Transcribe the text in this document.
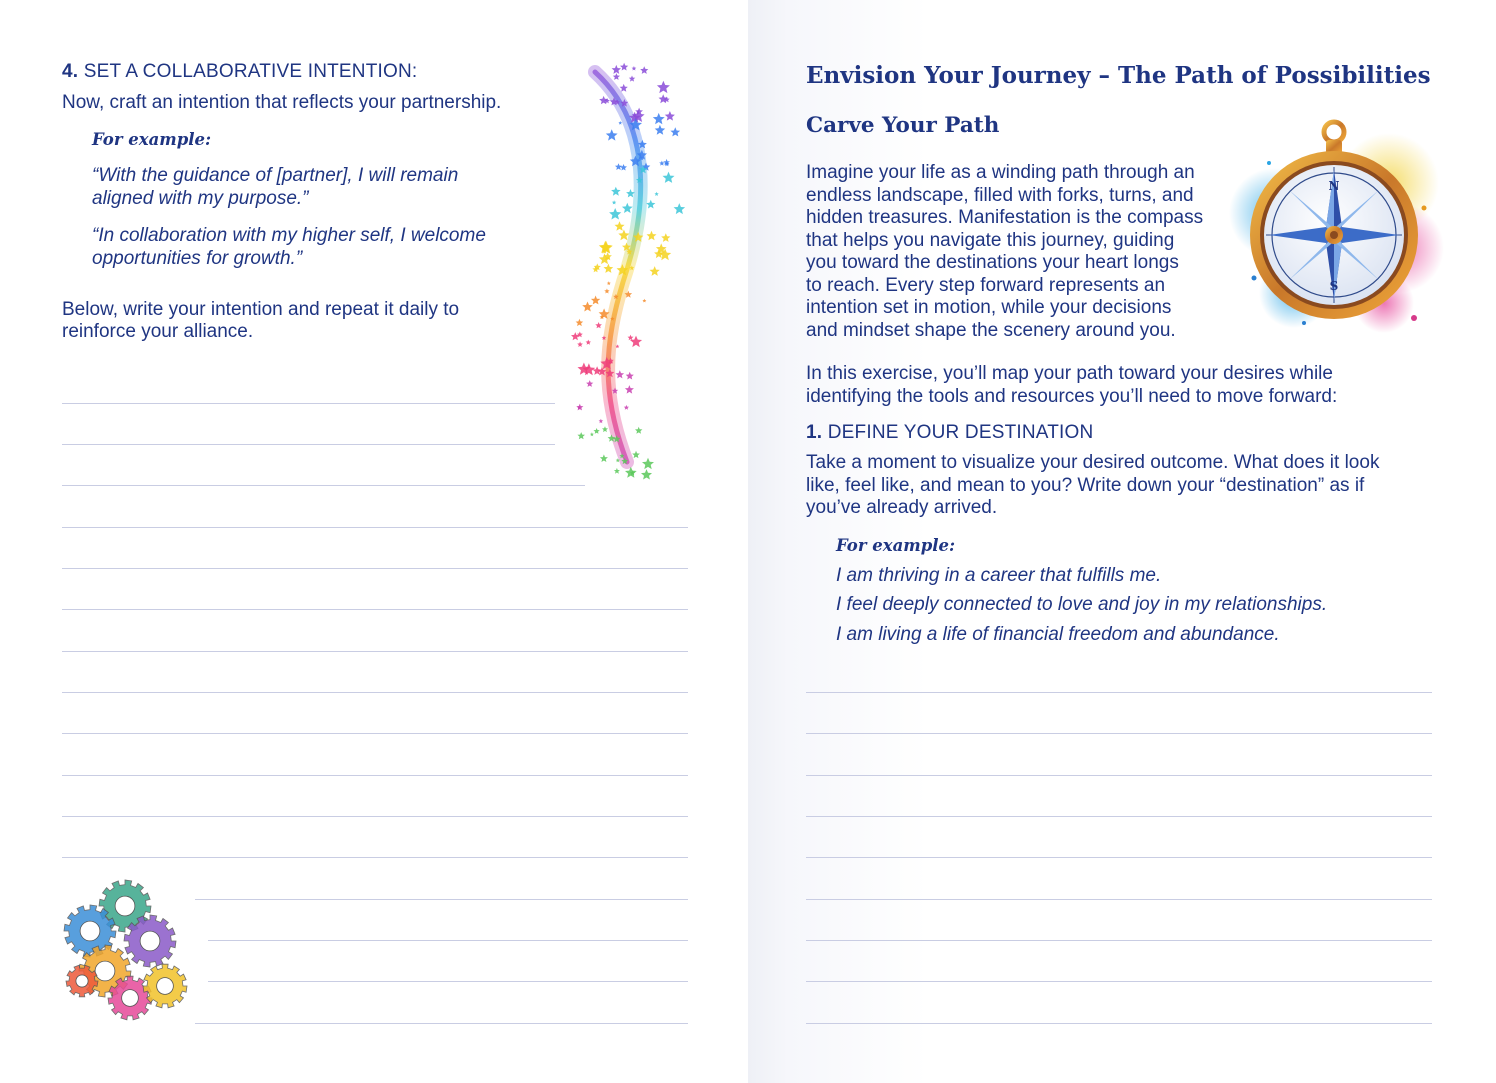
4. SET A COLLABORATIVE INTENTION:

Now, craft an intention that reflects your partnership.

For example:

“With the guidance of [partner], I will remain

aligned with my purpose.”

“In collaboration with my higher self, I welcome

opportunities for growth.”

Below, write your intention and repeat it daily to

reinforce your alliance.

Envision Your Journey – The Path of Possibilities

Carve Your Path

Imagine your life as a winding path through an

endless landscape, filled with forks, turns, and

hidden treasures. Manifestation is the compass

that helps you navigate this journey, guiding

you toward the destinations your heart longs

to reach. Every step forward represents an

intention set in motion, while your decisions

and mindset shape the scenery around you.

In this exercise, you’ll map your path toward your desires while

identifying the tools and resources you’ll need to move forward:

1. DEFINE YOUR DESTINATION

Take a moment to visualize your desired outcome. What does it look

like, feel like, and mean to you? Write down your “destination” as if

you’ve already arrived.

For example:

I am thriving in a career that fulfills me.

I feel deeply connected to love and joy in my relationships.

I am living a life of financial freedom and abundance.

N
S
